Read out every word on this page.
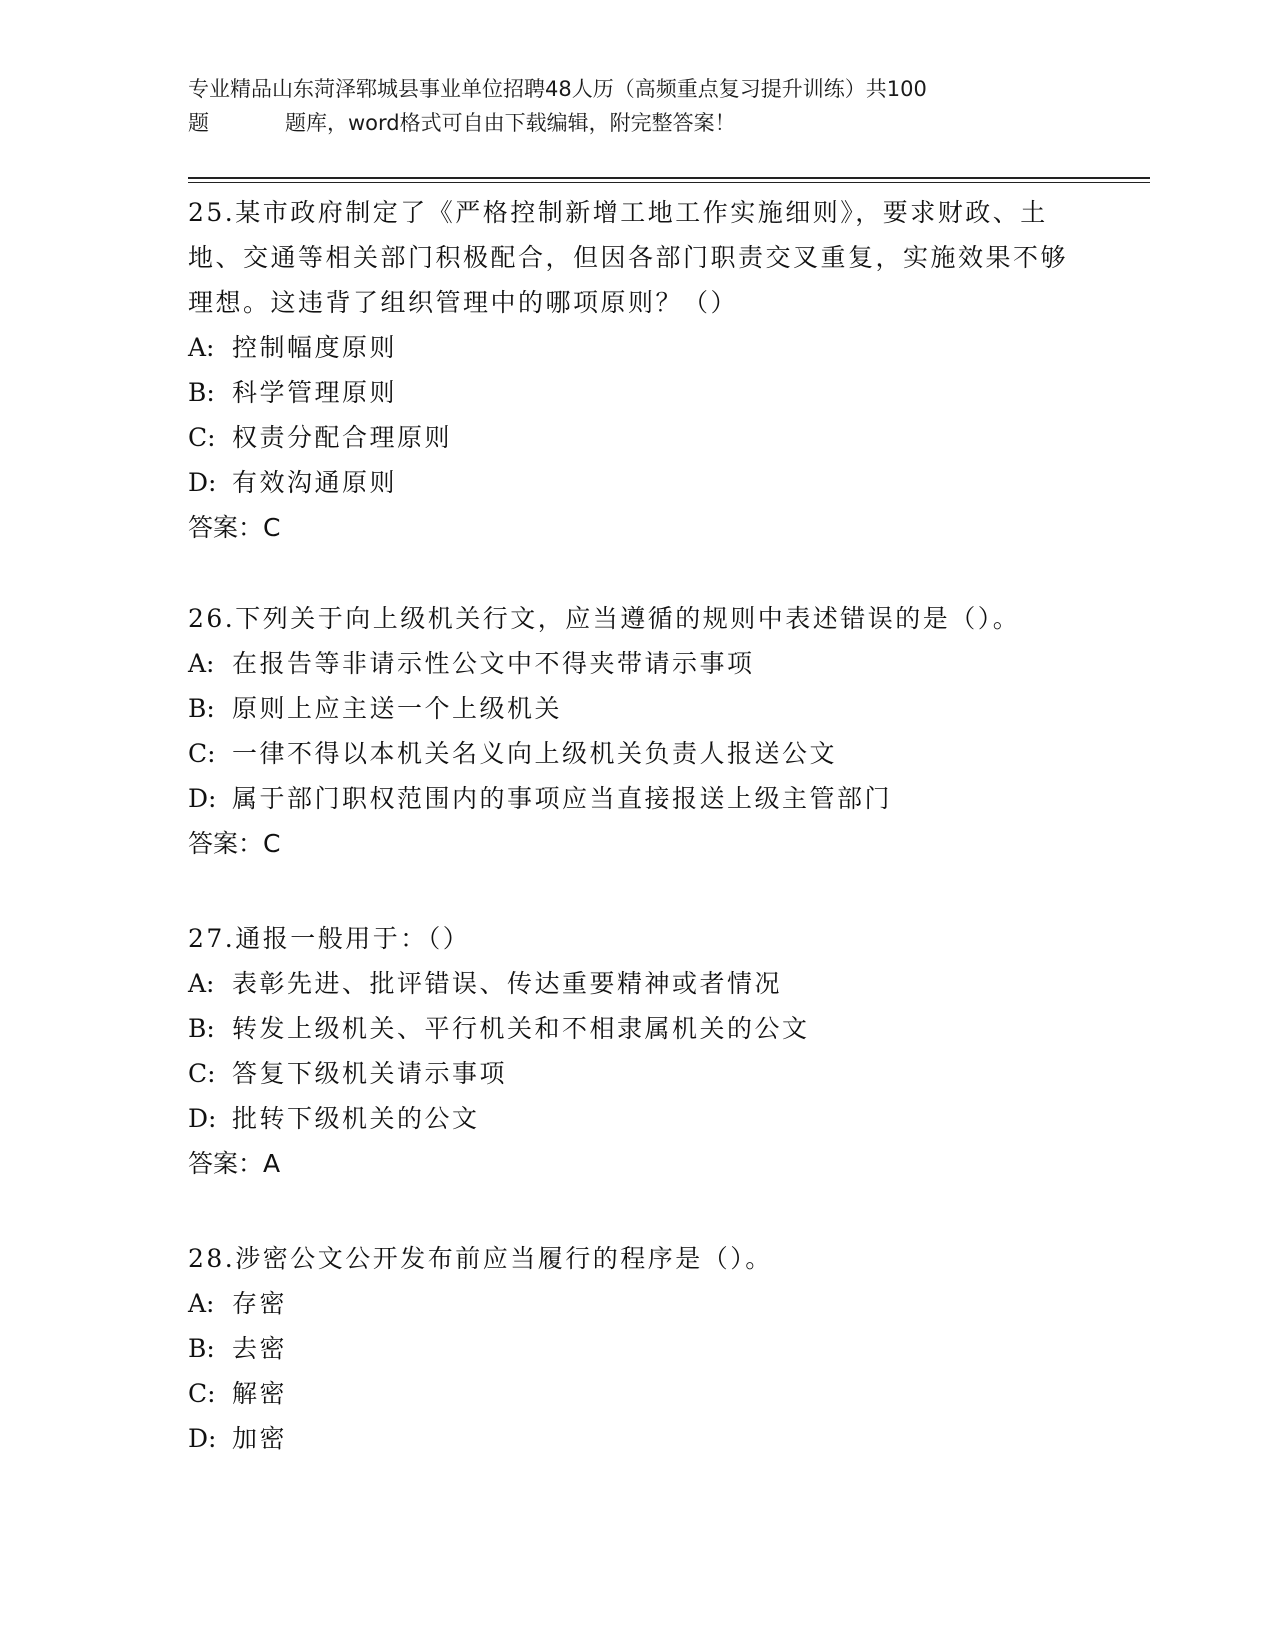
专业精品山东菏泽郓城县事业单位招聘48人历（高频重点复习提升训练）共100
题	题库，word格式可自由下载编辑，附完整答案！
25.某市政府制定了《严格控制新增工地工作实施细则》，要求财政、土地、交通等相关部门积极配合，但因各部门职责交叉重复，实施效果不够理想。这违背了组织管理中的哪项原则？（）
A: 控制幅度原则
B: 科学管理原则
C: 权责分配合理原则
D: 有效沟通原则
答案：C
26.下列关于向上级机关行文，应当遵循的规则中表述错误的是（）。
A: 在报告等非请示性公文中不得夹带请示事项
B: 原则上应主送一个上级机关
C: 一律不得以本机关名义向上级机关负责人报送公文
D: 属于部门职权范围内的事项应当直接报送上级主管部门
答案：C
27.通报一般用于：（）
A: 表彰先进、批评错误、传达重要精神或者情况
B: 转发上级机关、平行机关和不相隶属机关的公文
C: 答复下级机关请示事项
D: 批转下级机关的公文
答案：A
28.涉密公文公开发布前应当履行的程序是（）。
A: 存密
B: 去密
C: 解密
D: 加密
